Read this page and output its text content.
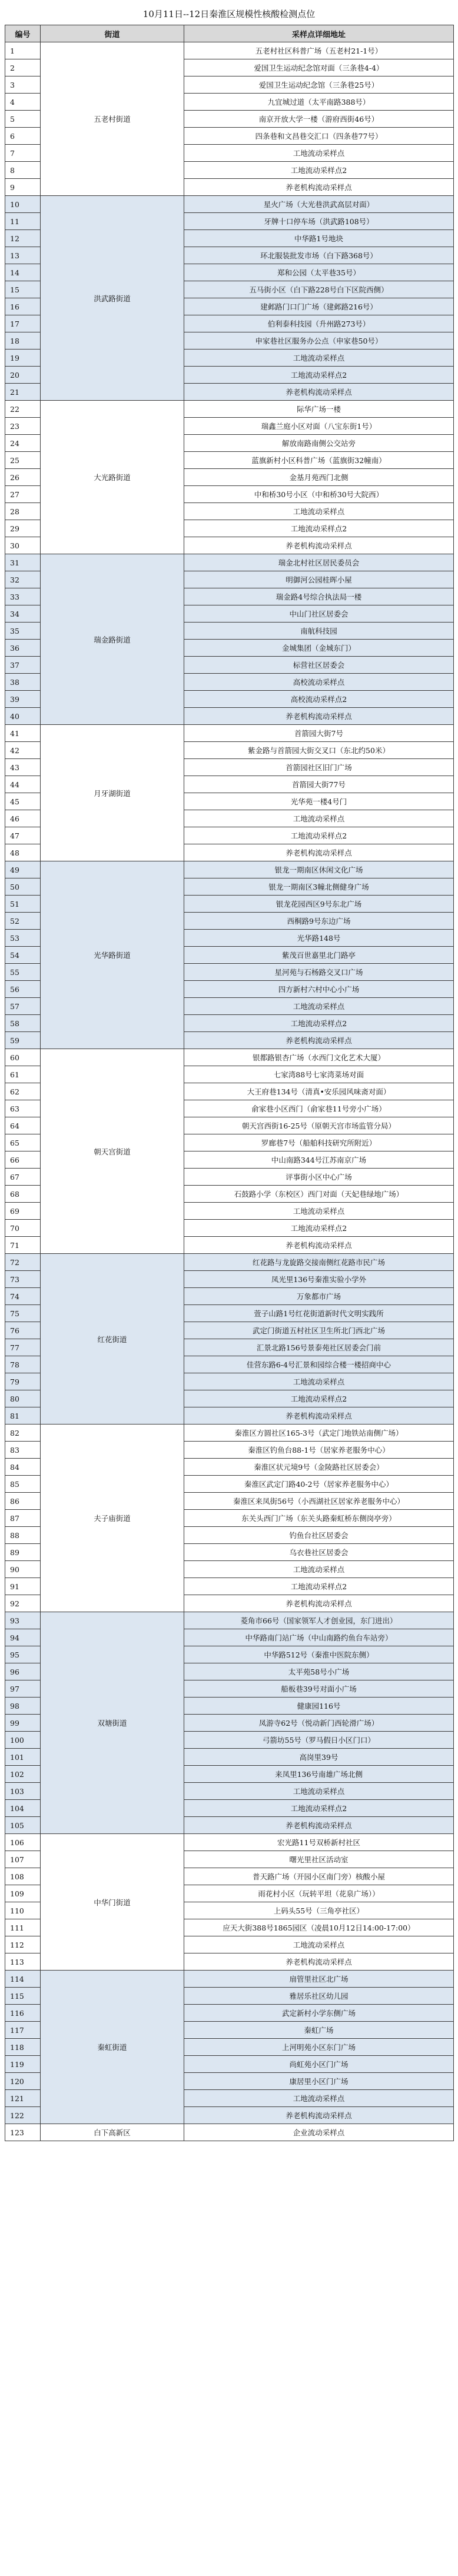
10月11日--12日秦淮区规模性核酸检测点位
编号	街道	采样点详细地址
1	五老村街道	五老村社区科普广场（五老村21-1号）
2		爱国卫生运动纪念馆对面（三条巷4-4）
3		爱国卫生运动纪念馆（三条巷25号）
4		九宜城过道（太平南路388号）
5		南京开放大学一楼（游府西街46号）
6		四条巷和文昌巷交汇口（四条巷77号）
7		工地流动采样点
8		工地流动采样点2
9		养老机构流动采样点
10	洪武路街道	星火广场（大光巷洪武高层对面）
11		牙牌十口停车场（洪武路108号）
12		中华路1号地块
13		环北服装批发市场（白下路368号）
14		郑和公园（太平巷35号）
15		五马街小区（白下路228号白下区院西侧）
16		建邺路门口门广场（建邺路216号）
17		伯利泰科技园（升州路273号）
18		申家巷社区服务办公点（申家巷50号）
19		工地流动采样点
20		工地流动采样点2
21		养老机构流动采样点
22	大光路街道	际华广场一楼
23		瑞鑫兰庭小区对面（八宝东街1号）
24		解放南路南侧公交站旁
25		蓝旗新村小区科普广场（蓝旗街32幢南）
26		金基月苑西门北侧
27		中和桥30号小区（中和桥30号大院西）
28		工地流动采样点
29		工地流动采样点2
30		养老机构流动采样点
31	瑞金路街道	瑞金北村社区居民委员会
32		明御河公园桂晖小屋
33		瑞金路4号综合执法局一楼
34		中山门社区居委会
35		南航科技园
36		金城集团（金城东门）
37		标营社区居委会
38		高校流动采样点
39		高校流动采样点2
40		养老机构流动采样点
41	月牙湖街道	首箭园大街7号
42		紫金路与首箭园大街交叉口（东北约50米）
43		首箭园社区旧门广场
44		首箭园大街77号
45		光华苑一楼4号门
46		工地流动采样点
47		工地流动采样点2
48		养老机构流动采样点
49	光华路街道	银龙一期南区休闲文化广场
50		银龙一期南区3幢北侧健身广场
51		银龙花园西区9号东北广场
52		西桐路9号东边广场
53		光华路148号
54		紫茂百世嘉里北门路亭
55		星河苑与石杨路交叉口广场
56		四方新村六村中心小广场
57		工地流动采样点
58		工地流动采样点2
59		养老机构流动采样点
60	朝天宫街道	银都路银杏广场（水西门文化艺术大厦）
61		七家湾88号七家湾菜场对面
62		大王府巷134号（清真•安乐园风味斋对面）
63		俞家巷小区西门（俞家巷11号旁小广场）
64		朝天宫西街16-25号（原朝天宫市场监管分局）
65		罗廊巷7号（船舶科技研究所附近）
66		中山南路344号江苏南京广场
67		评事街小区中心广场
68		石鼓路小学（东校区）西门对面（天妃巷绿地广场）
69		工地流动采样点
70		工地流动采样点2
71		养老机构流动采样点
72	红花街道	红花路与龙旋路交接南侧红花路市民广场
73		凤光里136号秦淮实验小学外
74		万象都市广场
75		萱子山路1号红花街道新时代文明实践所
76		武定门街道五村社区卫生所北门西北广场
77		汇景北路156号景泰苑社区居委会门前
78		佳营东路6-4号汇景和园综合楼一楼招商中心
79		工地流动采样点
80		工地流动采样点2
81		养老机构流动采样点
82	夫子庙街道	秦淮区方圆社区165-3号（武定门地铁站南侧广场）
83		秦淮区钓鱼台88-1号（居家养老服务中心）
84		秦淮区状元境9号（金陵路社区居委会）
85		秦淮区武定门路40-2号（居家养老服务中心）
86		秦淮区来凤街56号（小西湖社区居家养老服务中心）
87		东关头西门广场（东关头路秦虹桥东侧岗亭旁）
88		钓鱼台社区居委会
89		乌衣巷社区居委会
90		工地流动采样点
91		工地流动采样点2
92		养老机构流动采样点
93	双塘街道	菱角市66号（国家领军人才创业园，东门进出）
94		中华路南门站广场（中山南路约鱼台车站旁）
95		中华路512号（秦淮中医院东侧）
96		太平苑58号小广场
97		船板巷39号对面小广场
98		健康园116号
99		凤游寺62号（悦动新门西轮滑广场）
100		弓箭坊55号（罗马假日小区门口）
101		高岗里39号
102		来凤里136号南雄广场北侧
103		工地流动采样点
104		工地流动采样点2
105		养老机构流动采样点
106	中华门街道	宏光路11号双桥新村社区
107		曙光里社区活动室
108		普天路广场（开园小区南门旁）核酸小屋
109		雨花村小区（玩转平坦（花泉广场））
110		上码头55号（三角亭社区）
111		应天大街388号1865园区（凌晨10月12日14:00-17:00）
112		工地流动采样点
113		养老机构流动采样点
114	秦虹街道	扇管里社区北广场
115		雅居乐社区幼儿园
116		武定新村小学东侧广场
117		秦虹广场
118		上河明苑小区东门广场
119		尚虹苑小区门广场
120		康居里小区门广场
121		工地流动采样点
122		养老机构流动采样点
123	白下高新区	企业流动采样点
